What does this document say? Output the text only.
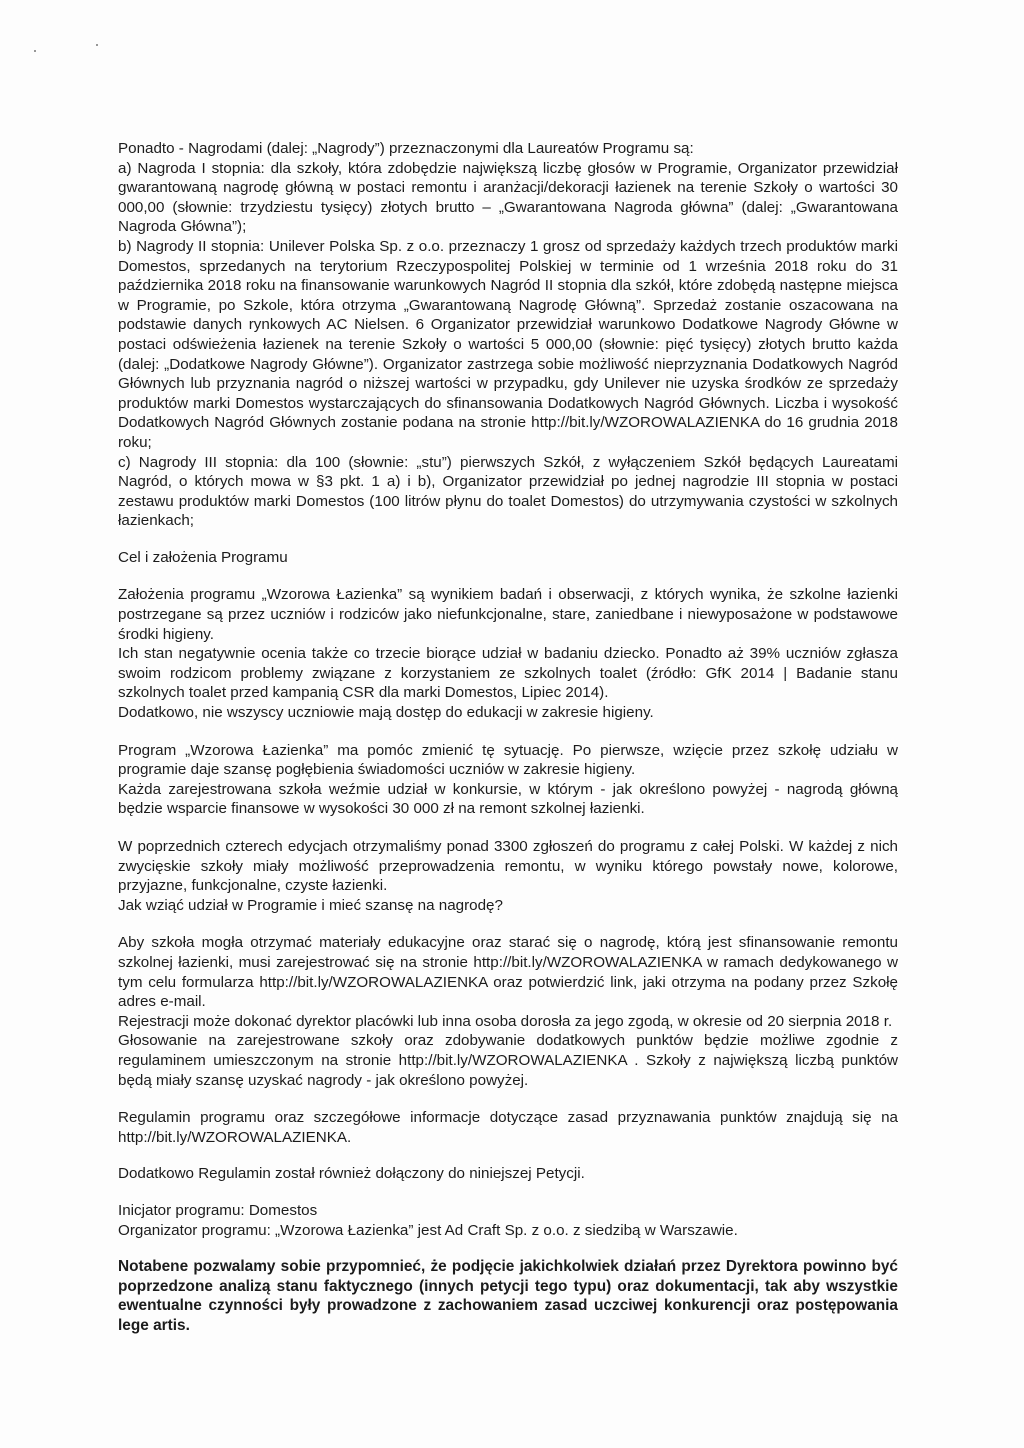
Ponadto - Nagrodami (dalej: „Nagrody”) przeznaczonymi dla Laureatów Programu są:

a) Nagroda I stopnia: dla szkoły, która zdobędzie największą liczbę głosów w Programie, Organizator przewidział gwarantowaną nagrodę główną w postaci remontu i aranżacji/dekoracji łazienek na terenie Szkoły o wartości 30 000,00 (słownie: trzydziestu tysięcy) złotych brutto – „Gwarantowana Nagroda główna” (dalej: „Gwarantowana Nagroda Główna”);

b) Nagrody II stopnia: Unilever Polska Sp. z o.o. przeznaczy 1 grosz od sprzedaży każdych trzech produktów marki Domestos, sprzedanych na terytorium Rzeczypospolitej Polskiej w terminie od 1 września 2018 roku do 31 października 2018 roku na finansowanie warunkowych Nagród II stopnia dla szkół, które zdobędą następne miejsca w Programie, po Szkole, która otrzyma „Gwarantowaną Nagrodę Główną”. Sprzedaż zostanie oszacowana na podstawie danych rynkowych AC Nielsen. 6 Organizator przewidział warunkowo Dodatkowe Nagrody Główne w postaci odświeżenia łazienek na terenie Szkoły o wartości 5 000,00 (słownie: pięć tysięcy) złotych brutto każda (dalej: „Dodatkowe Nagrody Główne”). Organizator zastrzega sobie możliwość nieprzyznania Dodatkowych Nagród Głównych lub przyznania nagród o niższej wartości w przypadku, gdy Unilever nie uzyska środków ze sprzedaży produktów marki Domestos wystarczających do sfinansowania Dodatkowych Nagród Głównych. Liczba i wysokość Dodatkowych Nagród Głównych zostanie podana na stronie http://bit.ly/WZOROWALAZIENKA do 16 grudnia 2018 roku;

c) Nagrody III stopnia: dla 100 (słownie: „stu”) pierwszych Szkół, z wyłączeniem Szkół będących Laureatami Nagród, o których mowa w §3 pkt. 1 a) i b), Organizator przewidział po jednej nagrodzie III stopnia w postaci zestawu produktów marki Domestos (100 litrów płynu do toalet Domestos) do utrzymywania czystości w szkolnych łazienkach;

Cel i założenia Programu

Założenia programu „Wzorowa Łazienka” są wynikiem badań i obserwacji, z których wynika, że szkolne łazienki postrzegane są przez uczniów i rodziców jako niefunkcjonalne, stare, zaniedbane i niewyposażone w podstawowe środki higieny.

Ich stan negatywnie ocenia także co trzecie biorące udział w badaniu dziecko. Ponadto aż 39% uczniów zgłasza swoim rodzicom problemy związane z korzystaniem ze szkolnych toalet (źródło: GfK 2014 | Badanie stanu szkolnych toalet przed kampanią CSR dla marki Domestos, Lipiec 2014).

Dodatkowo, nie wszyscy uczniowie mają dostęp do edukacji w zakresie higieny.

Program „Wzorowa Łazienka” ma pomóc zmienić tę sytuację. Po pierwsze, wzięcie przez szkołę udziału w programie daje szansę pogłębienia świadomości uczniów w zakresie higieny.

Każda zarejestrowana szkoła weźmie udział w konkursie, w którym - jak określono powyżej - nagrodą główną będzie wsparcie finansowe w wysokości 30 000 zł na remont szkolnej łazienki.

W poprzednich czterech edycjach otrzymaliśmy ponad 3300 zgłoszeń do programu z całej Polski. W każdej z nich zwycięskie szkoły miały możliwość przeprowadzenia remontu, w wyniku którego powstały nowe, kolorowe, przyjazne, funkcjonalne, czyste łazienki.

Jak wziąć udział w Programie i mieć szansę na nagrodę?

Aby szkoła mogła otrzymać materiały edukacyjne oraz starać się o nagrodę, którą jest sfinansowanie remontu szkolnej łazienki, musi zarejestrować się na stronie http://bit.ly/WZOROWALAZIENKA w ramach dedykowanego w tym celu formularza http://bit.ly/WZOROWALAZIENKA oraz potwierdzić link, jaki otrzyma na podany przez Szkołę adres e-mail.

Rejestracji może dokonać dyrektor placówki lub inna osoba dorosła za jego zgodą, w okresie od 20 sierpnia 2018 r.

Głosowanie na zarejestrowane szkoły oraz zdobywanie dodatkowych punktów będzie możliwe zgodnie z regulaminem umieszczonym na stronie http://bit.ly/WZOROWALAZIENKA . Szkoły z największą liczbą punktów będą miały szansę uzyskać nagrody - jak określono powyżej.

Regulamin programu oraz szczegółowe informacje dotyczące zasad przyznawania punktów znajdują się na http://bit.ly/WZOROWALAZIENKA.

Dodatkowo Regulamin został również dołączony do niniejszej Petycji.

Inicjator programu: Domestos

Organizator programu: „Wzorowa Łazienka” jest Ad Craft Sp. z o.o. z siedzibą w Warszawie.

Notabene pozwalamy sobie przypomnieć, że podjęcie jakichkolwiek działań przez Dyrektora powinno być poprzedzone analizą stanu faktycznego (innych petycji tego typu) oraz dokumentacji, tak aby wszystkie ewentualne czynności były prowadzone z zachowaniem zasad uczciwej konkurencji oraz postępowania lege artis.
